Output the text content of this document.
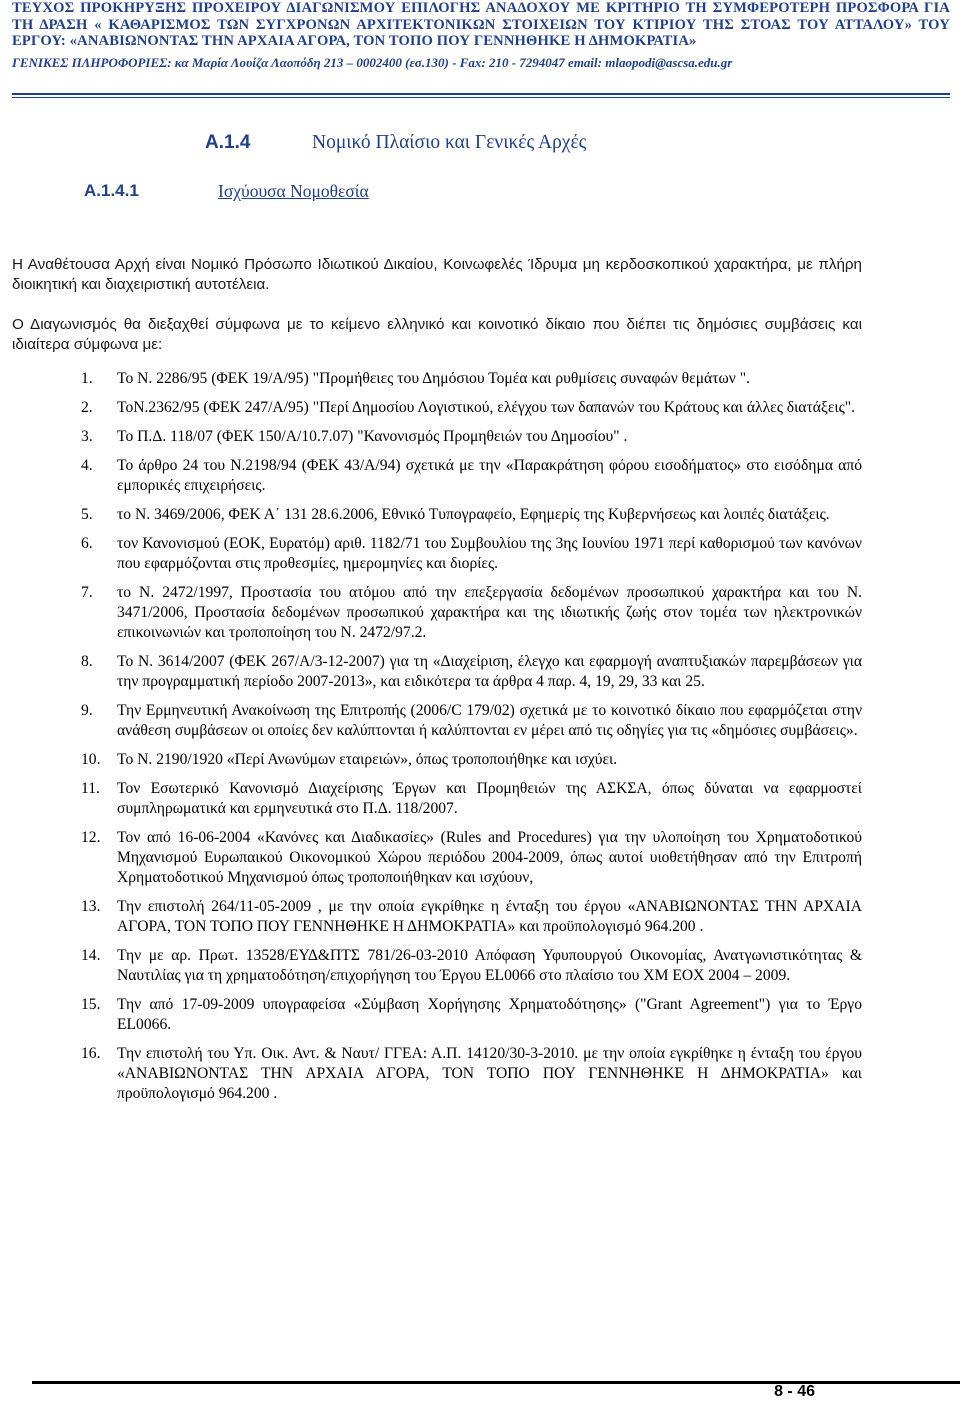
ΤΕΥΧΟΣ ΠΡΟΚΗΡΥΞΗΣ ΠΡΟΧΕΙΡΟΥ ΔΙΑΓΩΝΙΣΜΟΥ ΕΠΙΛΟΓΗΣ ΑΝΑΔΟΧΟΥ ΜΕ ΚΡΙΤΗΡΙΟ ΤΗ ΣΥΜΦΕΡΟΤΕΡΗ ΠΡΟΣΦΟΡΑ ΓΙΑ ΤΗ ΔΡΑΣΗ « ΚΑΘΑΡΙΣΜΟΣ ΤΩΝ ΣΥΓΧΡΟΝΩΝ ΑΡΧΙΤΕΚΤΟΝΙΚΩΝ ΣΤΟΙΧΕΙΩΝ ΤΟΥ ΚΤΙΡΙΟΥ ΤΗΣ ΣΤΟΑΣ ΤΟΥ ΑΤΤΑΛΟΥ» ΤΟΥ ΕΡΓΟΥ: «ΑΝΑΒΙΩΝΟΝΤΑΣ ΤΗΝ ΑΡΧΑΙΑ ΑΓΟΡΑ, ΤΟΝ ΤΟΠΟ ΠΟΥ ΓΕΝΝΗΘΗΚΕ Η ΔΗΜΟΚΡΑΤΙΑ»

ΓΕΝΙΚΕΣ ΠΛΗΡΟΦΟΡΙΕΣ: κα Μαρία Λουίζα Λαοπόδη 213 – 0002400 (εσ.130) - Fax: 210 - 7294047 email: mlaopodi@ascsa.edu.gr

A.1.4	Νομικό Πλαίσιο και Γενικές Αρχές
A.1.4.1	Ισχύουσα Νομοθεσία

Η Αναθέτουσα Αρχή είναι Νομικό Πρόσωπο Ιδιωτικού Δικαίου, Κοινωφελές Ίδρυμα μη κερδοσκοπικού χαρακτήρα, με πλήρη διοικητική και διαχειριστική αυτοτέλεια.

Ο Διαγωνισμός θα διεξαχθεί σύμφωνα με το κείμενο ελληνικό και κοινοτικό δίκαιο που διέπει τις δημόσιες συμβάσεις και ιδιαίτερα σύμφωνα με:

1.	Το Ν. 2286/95 (ΦΕΚ 19/Α/95) "Προμήθειες του Δημόσιου Τομέα και ρυθμίσεις συναφών θεμάτων ".
2.	ΤοΝ.2362/95 (ΦΕΚ 247/Α/95) "Περί Δημοσίου Λογιστικού, ελέγχου των δαπανών του Κράτους και άλλες διατάξεις".
3.	Το Π.Δ. 118/07 (ΦΕΚ 150/Α/10.7.07) "Κανονισμός Προμηθειών του Δημοσίου" .
4.	Το άρθρο 24 του Ν.2198/94 (ΦΕΚ 43/Α/94) σχετικά με την «Παρακράτηση φόρου εισοδήματος» στο εισόδημα από εμπορικές επιχειρήσεις.
5.	το Ν. 3469/2006, ΦΕΚ Α΄ 131 28.6.2006, Εθνικό Τυπογραφείο, Εφημερίς της Κυβερνήσεως και λοιπές διατάξεις.
6.	τον Κανονισμού (ΕΟΚ, Ευρατόμ) αριθ. 1182/71 του Συμβουλίου της 3ης Ιουνίου 1971 περί καθορισμού των κανόνων που εφαρμόζονται στις προθεσμίες, ημερομηνίες και διορίες.
7.	το Ν. 2472/1997, Προστασία του ατόμου από την επεξεργασία δεδομένων προσωπικού χαρακτήρα και του Ν. 3471/2006, Προστασία δεδομένων προσωπικού χαρακτήρα και της ιδιωτικής ζωής στον τομέα των ηλεκτρονικών επικοινωνιών και τροποποίηση του Ν. 2472/97.2.
8.	Το Ν. 3614/2007 (ΦΕΚ 267/Α/3-12-2007) για τη «Διαχείριση, έλεγχο και εφαρμογή αναπτυξιακών παρεμβάσεων για την προγραμματική περίοδο 2007-2013», και ειδικότερα τα άρθρα 4 παρ. 4, 19, 29, 33 και 25.
9.	Την Ερμηνευτική Ανακοίνωση της Επιτροπής (2006/C 179/02) σχετικά με το κοινοτικό δίκαιο που εφαρμόζεται στην ανάθεση συμβάσεων οι οποίες δεν καλύπτονται ή καλύπτονται εν μέρει από τις οδηγίες για τις «δημόσιες συμβάσεις».
10.	Το Ν. 2190/1920 «Περί Ανωνύμων εταιρειών», όπως τροποποιήθηκε και ισχύει.
11.	Τον Εσωτερικό Κανονισμό Διαχείρισης Έργων και Προμηθειών της ΑΣΚΣΑ, όπως δύναται να εφαρμοστεί συμπληρωματικά και ερμηνευτικά στο Π.Δ. 118/2007.
12.	Τον από 16-06-2004 «Κανόνες και Διαδικασίες» (Rules and Procedures) για την υλοποίηση του Χρηματοδοτικού Μηχανισμού Ευρωπαικού Οικονομικού Χώρου περιόδου 2004-2009, όπως αυτοί υιοθετήθησαν από την Επιτροπή Χρηματοδοτικού Μηχανισμού όπως τροποποιήθηκαν και ισχύουν,
13.	Την επιστολή 264/11-05-2009 , με την οποία εγκρίθηκε η ένταξη του έργου «ΑΝΑΒΙΩΝΟΝΤΑΣ ΤΗΝ ΑΡΧΑΙΑ ΑΓΟΡΑ, ΤΟΝ ΤΟΠΟ ΠΟΥ ΓΕΝΝΗΘΗΚΕ Η ΔΗΜΟΚΡΑΤΙΑ» και προϋπολογισμό 964.200 .
14.	Την με αρ. Πρωτ. 13528/ΕΥΔ&ΠΤΣ 781/26-03-2010 Απόφαση Υφυπουργού Οικονομίας, Ανατγωνιστικότητας & Ναυτιλίας για τη χρηματοδότηση/επιχορήγηση του Έργου EL0066 στο πλαίσιο του ΧΜ ΕΟΧ 2004 – 2009.
15.	Την από 17-09-2009 υπογραφείσα «Σύμβαση Χορήγησης Χρηματοδότησης» ("Grant Agreement") για το Έργο EL0066.
16.	Την επιστολή του Υπ. Οικ. Αντ. & Ναυτ/ ΓΓΕΑ: Α.Π. 14120/30-3-2010. με την οποία εγκρίθηκε η ένταξη του έργου «ΑΝΑΒΙΩΝΟΝΤΑΣ ΤΗΝ ΑΡΧΑΙΑ ΑΓΟΡΑ, ΤΟΝ ΤΟΠΟ ΠΟΥ ΓΕΝΝΗΘΗΚΕ Η ΔΗΜΟΚΡΑΤΙΑ» και προϋπολογισμό 964.200 .
8 - 46
